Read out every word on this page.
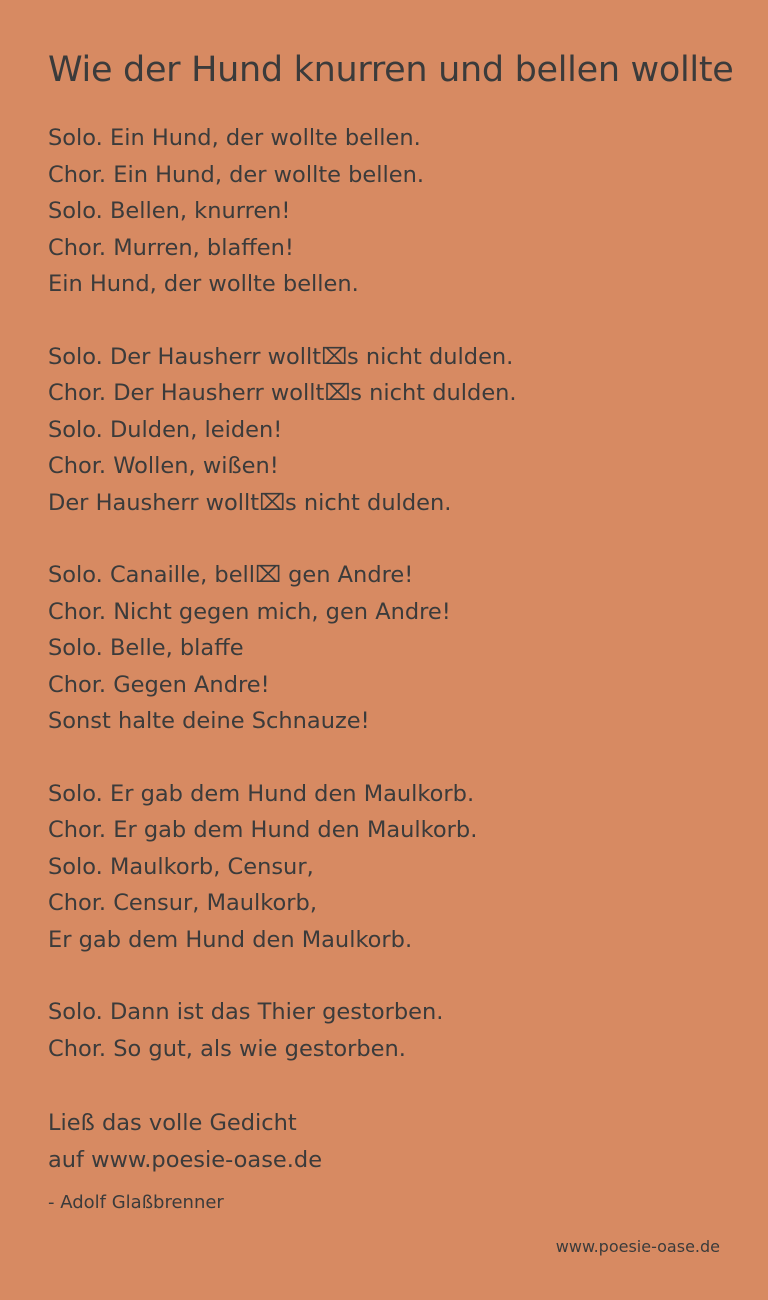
Wie der Hund knurren und bellen wollte
Solo. Ein Hund, der wollte bellen.
Chor. Ein Hund, der wollte bellen.
Solo. Bellen, knurren!
Chor. Murren, blaffen!
Ein Hund, der wollte bellen.
Solo. Der Hausherr wollt⌧s nicht dulden.
Chor. Der Hausherr wollt⌧s nicht dulden.
Solo. Dulden, leiden!
Chor. Wollen, wißen!
Der Hausherr wollt⌧s nicht dulden.
Solo. Canaille, bell⌧ gen Andre!
Chor. Nicht gegen mich, gen Andre!
Solo. Belle, blaffe
Chor. Gegen Andre!
Sonst halte deine Schnauze!
Solo. Er gab dem Hund den Maulkorb.
Chor. Er gab dem Hund den Maulkorb.
Solo. Maulkorb, Censur,
Chor. Censur, Maulkorb,
Er gab dem Hund den Maulkorb.
Solo. Dann ist das Thier gestorben.
Chor. So gut, als wie gestorben.
Ließ das volle Gedicht
auf www.poesie-oase.de
- Adolf Glaßbrenner
www.poesie-oase.de
